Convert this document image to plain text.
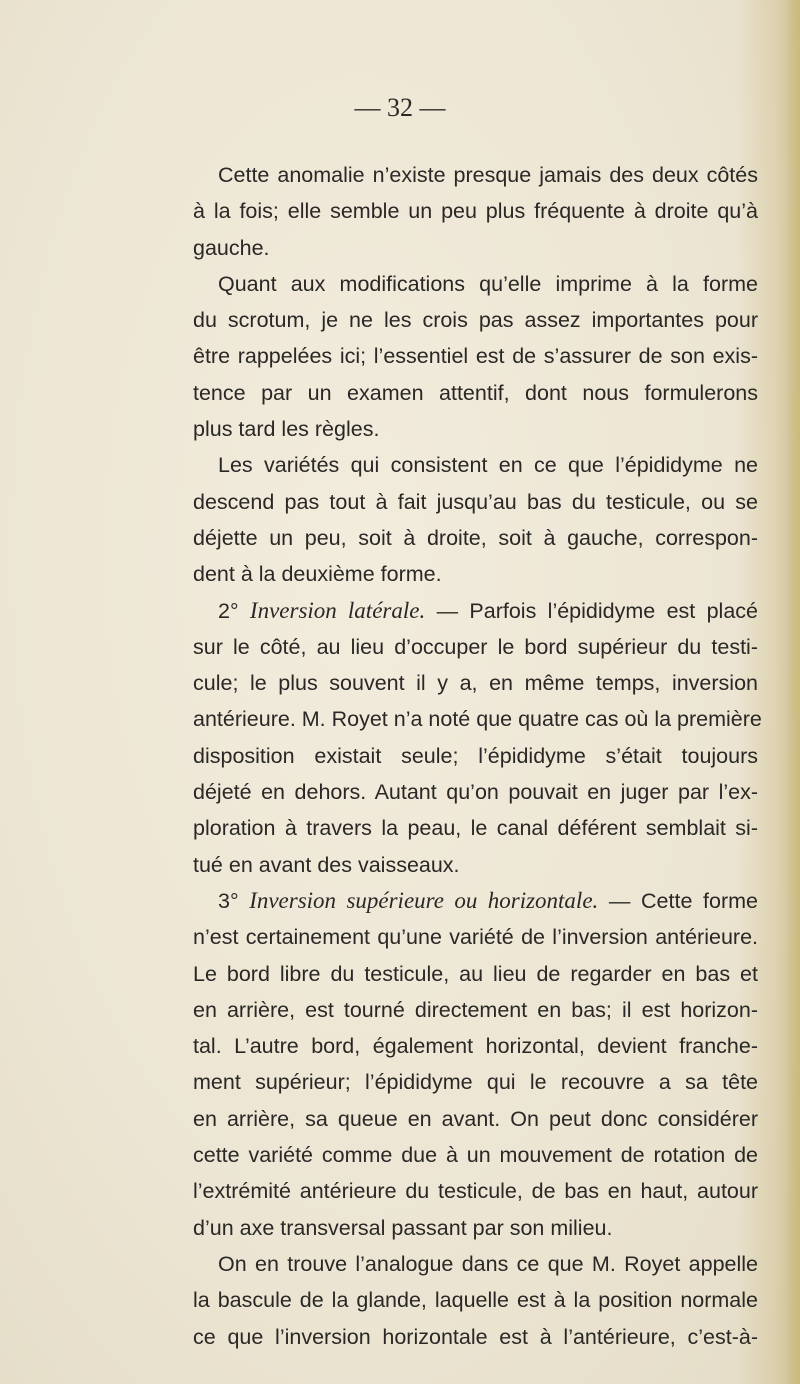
— 32 —

Cette anomalie n’existe presque jamais des deux côtés
à la fois; elle semble un peu plus fréquente à droite qu’à
gauche.
Quant aux modifications qu’elle imprime à la forme
du scrotum, je ne les crois pas assez importantes pour
être rappelées ici; l’essentiel est de s’assurer de son exis-
tence par un examen attentif, dont nous formulerons
plus tard les règles.
Les variétés qui consistent en ce que l’épididyme ne
descend pas tout à fait jusqu’au bas du testicule, ou se
déjette un peu, soit à droite, soit à gauche, correspon-
dent à la deuxième forme.
2° Inversion latérale. — Parfois l’épididyme est placé
sur le côté, au lieu d’occuper le bord supérieur du testi-
cule; le plus souvent il y a, en même temps, inversion
antérieure. M. Royet n’a noté que quatre cas où la première
disposition existait seule; l’épididyme s’était toujours
déjeté en dehors. Autant qu’on pouvait en juger par l’ex-
ploration à travers la peau, le canal déférent semblait si-
tué en avant des vaisseaux.
3° Inversion supérieure ou horizontale. — Cette forme
n’est certainement qu’une variété de l’inversion antérieure.
Le bord libre du testicule, au lieu de regarder en bas et
en arrière, est tourné directement en bas; il est horizon-
tal. L’autre bord, également horizontal, devient franche-
ment supérieur; l’épididyme qui le recouvre a sa tête
en arrière, sa queue en avant. On peut donc considérer
cette variété comme due à un mouvement de rotation de
l’extrémité antérieure du testicule, de bas en haut, autour
d’un axe transversal passant par son milieu.
On en trouve l’analogue dans ce que M. Royet appelle
la bascule de la glande, laquelle est à la position normale
ce que l’inversion horizontale est à l’antérieure, c’est-à-
